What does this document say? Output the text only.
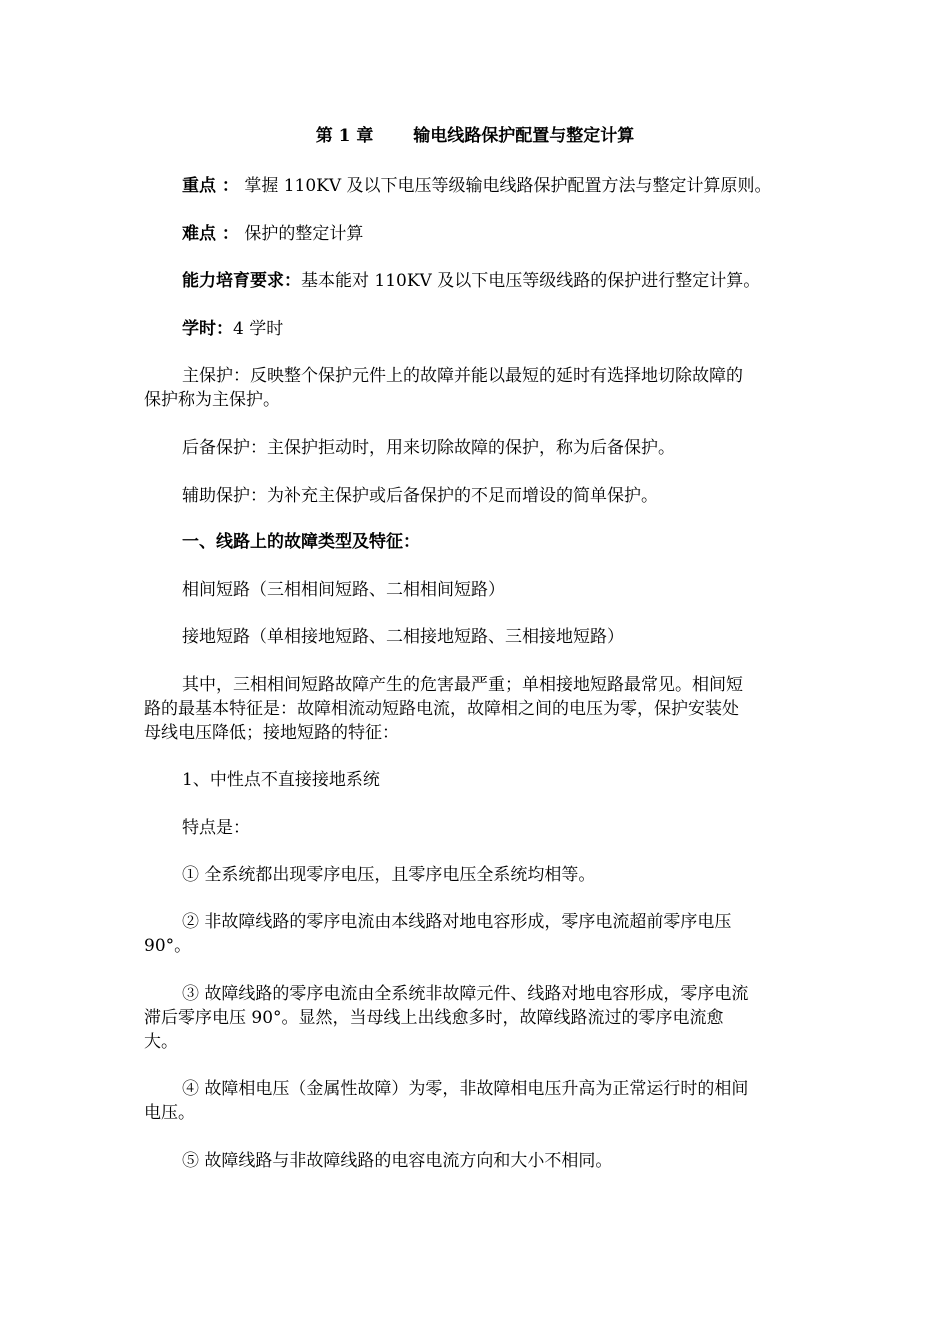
第 1 章　　 输电线路保护配置与整定计算
重点 ： 掌握 110KV 及以下电压等级输电线路保护配置方法与整定计算原则。
难点 ： 保护的整定计算
能力培育要求：基本能对 110KV 及以下电压等级线路的保护进行整定计算。
学时：4 学时
主保护：反映整个保护元件上的故障并能以最短的延时有选择地切除故障的
保护称为主保护。
后备保护：主保护拒动时，用来切除故障的保护，称为后备保护。
辅助保护：为补充主保护或后备保护的不足而增设的简单保护。
一、线路上的故障类型及特征：
相间短路（三相相间短路、二相相间短路）
接地短路（单相接地短路、二相接地短路、三相接地短路）
其中，三相相间短路故障产生的危害最严重；单相接地短路最常见。相间短
路的最基本特征是：故障相流动短路电流，故障相之间的电压为零，保护安装处
母线电压降低；接地短路的特征：
1、中性点不直接接地系统
特点是：
① 全系统都出现零序电压，且零序电压全系统均相等。
② 非故障线路的零序电流由本线路对地电容形成，零序电流超前零序电压
90°。
③ 故障线路的零序电流由全系统非故障元件、线路对地电容形成，零序电流
滞后零序电压 90°。显然，当母线上出线愈多时，故障线路流过的零序电流愈
大。
④ 故障相电压（金属性故障）为零，非故障相电压升高为正常运行时的相间
电压。
⑤ 故障线路与非故障线路的电容电流方向和大小不相同。
